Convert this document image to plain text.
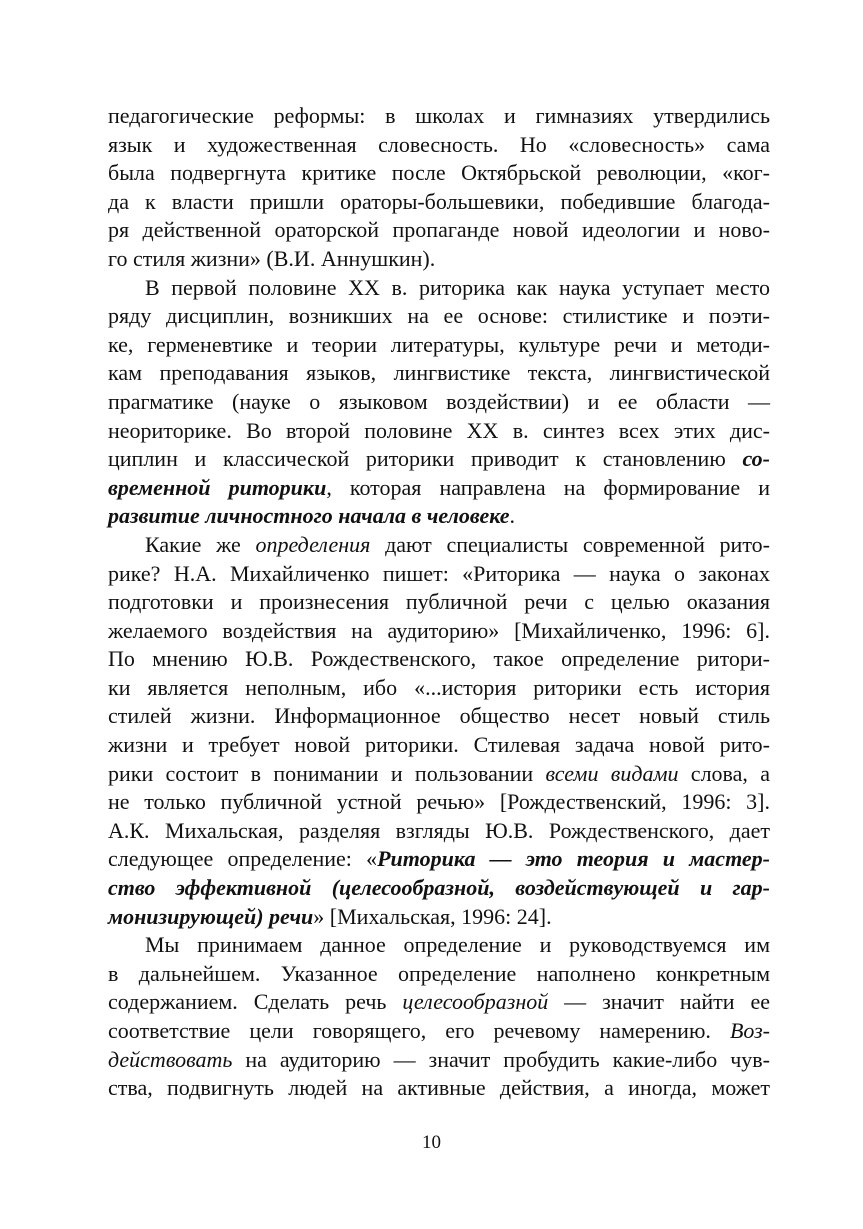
педагогические реформы: в школах и гимназиях утвердились
язык и художественная словесность. Но «словесность» сама
была подвергнута критике после Октябрьской революции, «ког-
да к власти пришли ораторы-большевики, победившие благода-
ря действенной ораторской пропаганде новой идеологии и ново-
го стиля жизни» (В.И. Аннушкин).
В первой половине XX в. риторика как наука уступает место
ряду дисциплин, возникших на ее основе: стилистике и поэти-
ке, герменевтике и теории литературы, культуре речи и методи-
кам преподавания языков, лингвистике текста, лингвистической
прагматике (науке о языковом воздействии) и ее области —
неориторике. Во второй половине XX в. синтез всех этих дис-
циплин и классической риторики приводит к становлению со-
временной риторики, которая направлена на формирование и
развитие личностного начала в человеке.
Какие же определения дают специалисты современной рито-
рике? Н.А. Михайличенко пишет: «Риторика — наука о законах
подготовки и произнесения публичной речи с целью оказания
желаемого воздействия на аудиторию» [Михайличенко, 1996: 6].
По мнению Ю.В. Рождественского, такое определение ритори-
ки является неполным, ибо «...история риторики есть история
стилей жизни. Информационное общество несет новый стиль
жизни и требует новой риторики. Стилевая задача новой рито-
рики состоит в понимании и пользовании всеми видами слова, а
не только публичной устной речью» [Рождественский, 1996: 3].
А.К. Михальская, разделяя взгляды Ю.В. Рождественского, дает
следующее определение: «Риторика — это теория и мастер-
ство эффективной (целесообразной, воздействующей и гар-
монизирующей) речи» [Михальская, 1996: 24].
Мы принимаем данное определение и руководствуемся им
в дальнейшем. Указанное определение наполнено конкретным
содержанием. Сделать речь целесообразной — значит найти ее
соответствие цели говорящего, его речевому намерению. Воз-
действовать на аудиторию — значит пробудить какие-либо чув-
ства, подвигнуть людей на активные действия, а иногда, может
10
